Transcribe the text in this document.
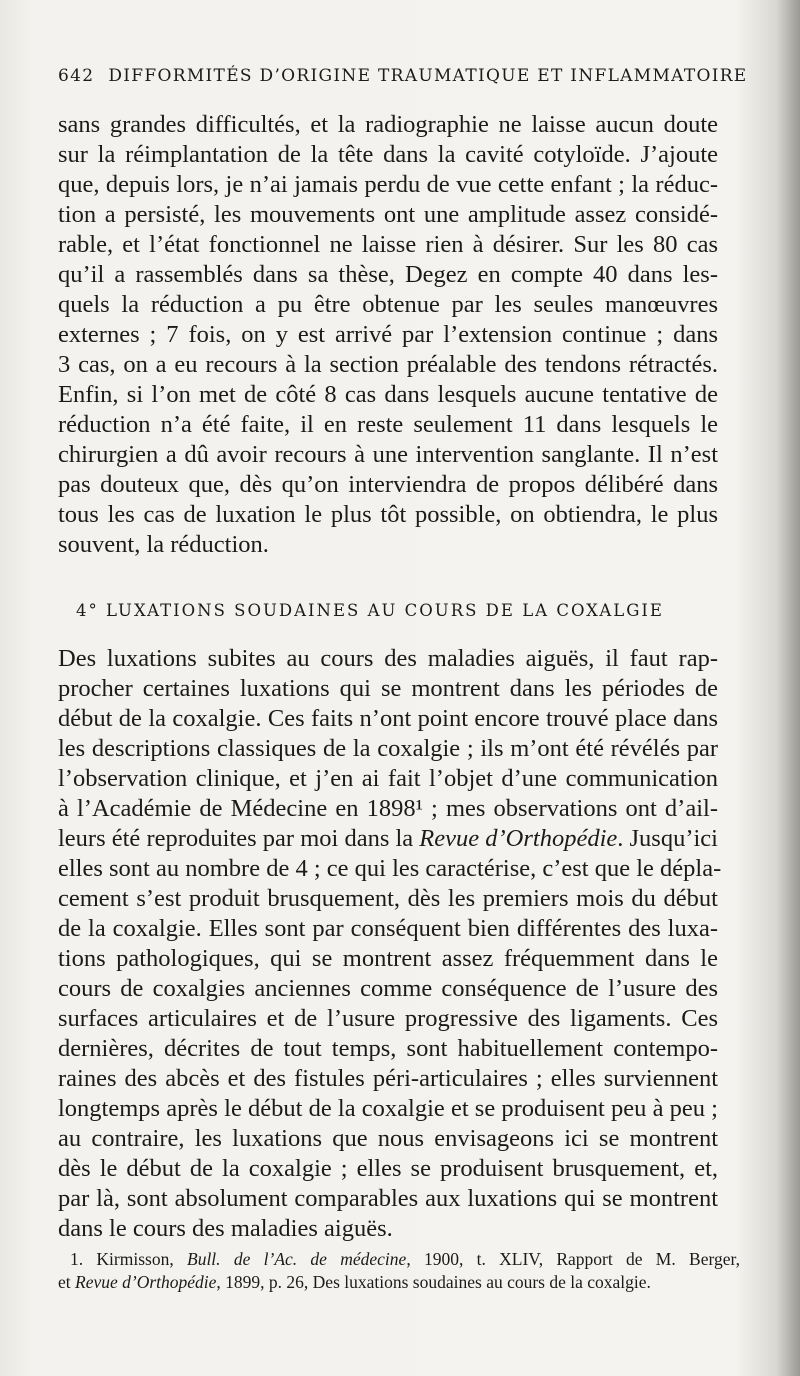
642 DIFFORMITÉS D’ORIGINE TRAUMATIQUE ET INFLAMMATOIRE
sans grandes difficultés, et la radiographie ne laisse aucun doute
sur la réimplantation de la tête dans la cavité cotyloïde. J’ajoute
que, depuis lors, je n’ai jamais perdu de vue cette enfant ; la réduc-
tion a persisté, les mouvements ont une amplitude assez considé-
rable, et l’état fonctionnel ne laisse rien à désirer. Sur les 80 cas
qu’il a rassemblés dans sa thèse, Degez en compte 40 dans les-
quels la réduction a pu être obtenue par les seules manœuvres
externes ; 7 fois, on y est arrivé par l’extension continue ; dans
3 cas, on a eu recours à la section préalable des tendons rétractés.
Enfin, si l’on met de côté 8 cas dans lesquels aucune tentative de
réduction n’a été faite, il en reste seulement 11 dans lesquels le
chirurgien a dû avoir recours à une intervention sanglante. Il n’est
pas douteux que, dès qu’on interviendra de propos délibéré dans
tous les cas de luxation le plus tôt possible, on obtiendra, le plus
souvent, la réduction.
4° LUXATIONS SOUDAINES AU COURS DE LA COXALGIE
Des luxations subites au cours des maladies aiguës, il faut rap-
procher certaines luxations qui se montrent dans les périodes de
début de la coxalgie. Ces faits n’ont point encore trouvé place dans
les descriptions classiques de la coxalgie ; ils m’ont été révélés par
l’observation clinique, et j’en ai fait l’objet d’une communication
à l’Académie de Médecine en 1898¹ ; mes observations ont d’ail-
leurs été reproduites par moi dans la Revue d’Orthopédie. Jusqu’ici
elles sont au nombre de 4 ; ce qui les caractérise, c’est que le dépla-
cement s’est produit brusquement, dès les premiers mois du début
de la coxalgie. Elles sont par conséquent bien différentes des luxa-
tions pathologiques, qui se montrent assez fréquemment dans le
cours de coxalgies anciennes comme conséquence de l’usure des
surfaces articulaires et de l’usure progressive des ligaments. Ces
dernières, décrites de tout temps, sont habituellement contempo-
raines des abcès et des fistules péri-articulaires ; elles surviennent
longtemps après le début de la coxalgie et se produisent peu à peu ;
au contraire, les luxations que nous envisageons ici se montrent
dès le début de la coxalgie ; elles se produisent brusquement, et,
par là, sont absolument comparables aux luxations qui se montrent
dans le cours des maladies aiguës.
1. Kirmisson, Bull. de l’Ac. de médecine, 1900, t. XLIV, Rapport de M. Berger,
et Revue d’Orthopédie, 1899, p. 26, Des luxations soudaines au cours de la coxalgie.
